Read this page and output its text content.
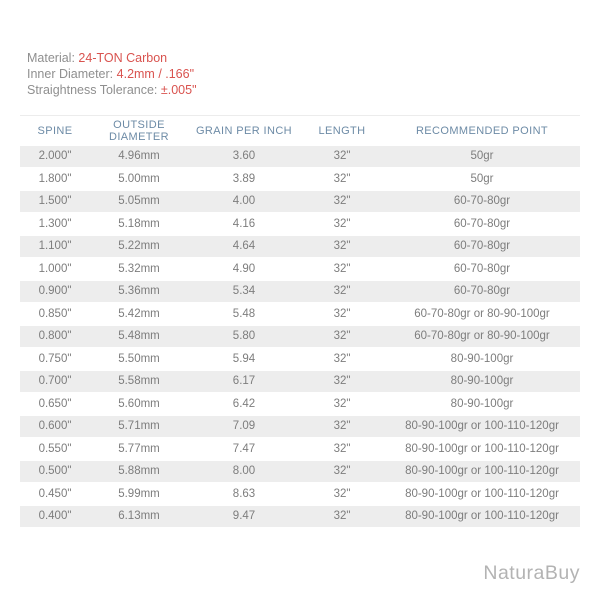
Material: 24-TON Carbon
Inner Diameter: 4.2mm / .166"
Straightness Tolerance: ±.005"
SPINE	OUTSIDE DIAMETER	GRAIN PER INCH	LENGTH	RECOMMENDED POINT
2.000"	4.96mm	3.60	32"	50gr
1.800"	5.00mm	3.89	32"	50gr
1.500"	5.05mm	4.00	32"	60-70-80gr
1.300"	5.18mm	4.16	32"	60-70-80gr
1.100"	5.22mm	4.64	32"	60-70-80gr
1.000"	5.32mm	4.90	32"	60-70-80gr
0.900"	5.36mm	5.34	32"	60-70-80gr
0.850"	5.42mm	5.48	32"	60-70-80gr or 80-90-100gr
0.800"	5.48mm	5.80	32"	60-70-80gr or 80-90-100gr
0.750"	5.50mm	5.94	32"	80-90-100gr
0.700"	5.58mm	6.17	32"	80-90-100gr
0.650"	5.60mm	6.42	32"	80-90-100gr
0.600"	5.71mm	7.09	32"	80-90-100gr or 100-110-120gr
0.550"	5.77mm	7.47	32"	80-90-100gr or 100-110-120gr
0.500"	5.88mm	8.00	32"	80-90-100gr or 100-110-120gr
0.450"	5.99mm	8.63	32"	80-90-100gr or 100-110-120gr
0.400"	6.13mm	9.47	32"	80-90-100gr or 100-110-120gr
NaturaBuy
